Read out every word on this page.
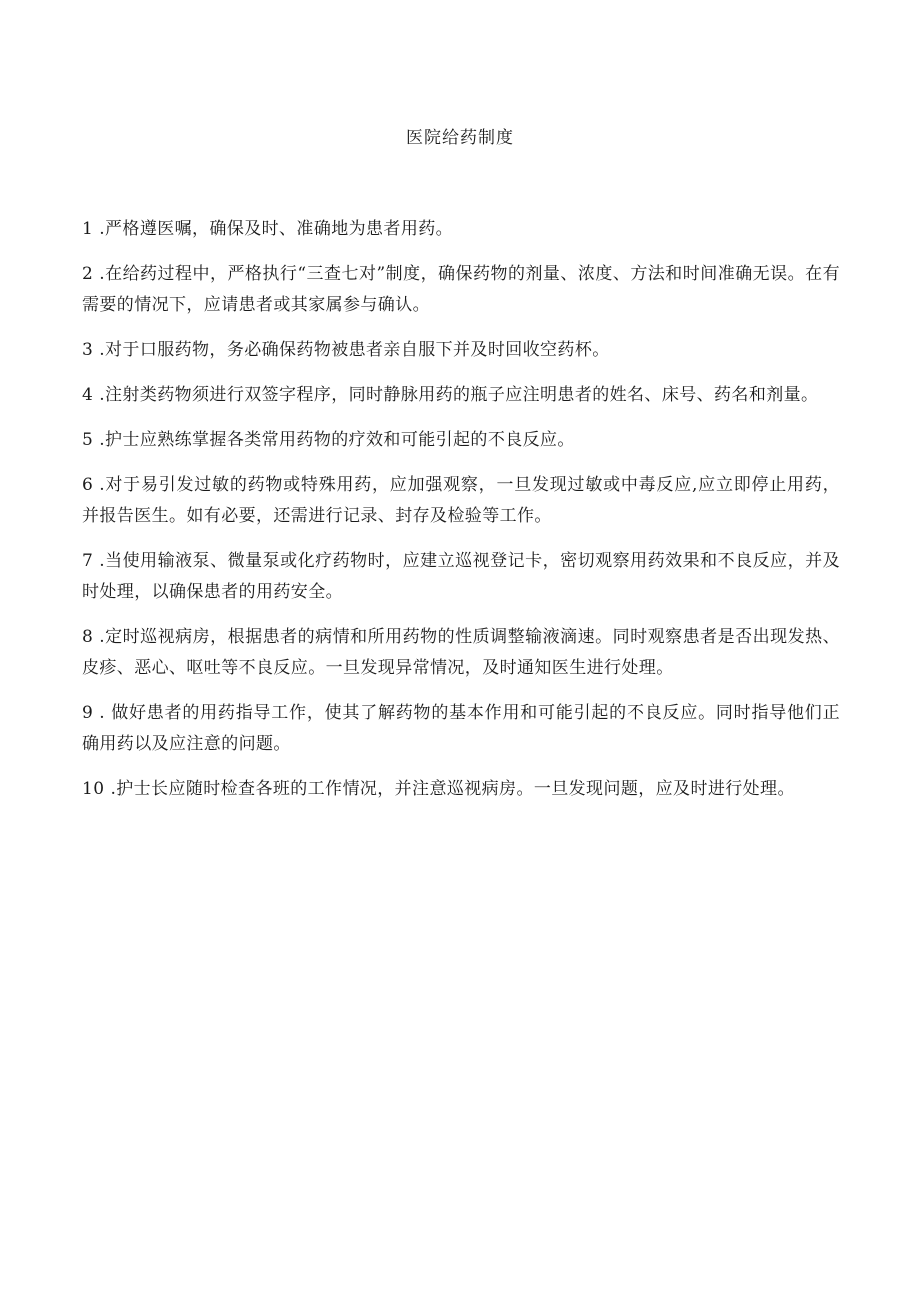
医院给药制度
1 .严格遵医嘱，确保及时、准确地为患者用药。
2 .在给药过程中，严格执行“三查七对”制度，确保药物的剂量、浓度、方法和时间准确无误。在有需要的情况下，应请患者或其家属参与确认。
3 .对于口服药物，务必确保药物被患者亲自服下并及时回收空药杯。
4 .注射类药物须进行双签字程序，同时静脉用药的瓶子应注明患者的姓名、床号、药名和剂量。
5 .护士应熟练掌握各类常用药物的疗效和可能引起的不良反应。
6 .对于易引发过敏的药物或特殊用药，应加强观察，一旦发现过敏或中毒反应,应立即停止用药，并报告医生。如有必要，还需进行记录、封存及检验等工作。
7 .当使用输液泵、微量泵或化疗药物时，应建立巡视登记卡，密切观察用药效果和不良反应，并及时处理，以确保患者的用药安全。
8 .定时巡视病房，根据患者的病情和所用药物的性质调整输液滴速。同时观察患者是否出现发热、皮疹、恶心、呕吐等不良反应。一旦发现异常情况，及时通知医生进行处理。
9 . 做好患者的用药指导工作，使其了解药物的基本作用和可能引起的不良反应。同时指导他们正确用药以及应注意的问题。
10 .护士长应随时检查各班的工作情况，并注意巡视病房。一旦发现问题，应及时进行处理。
